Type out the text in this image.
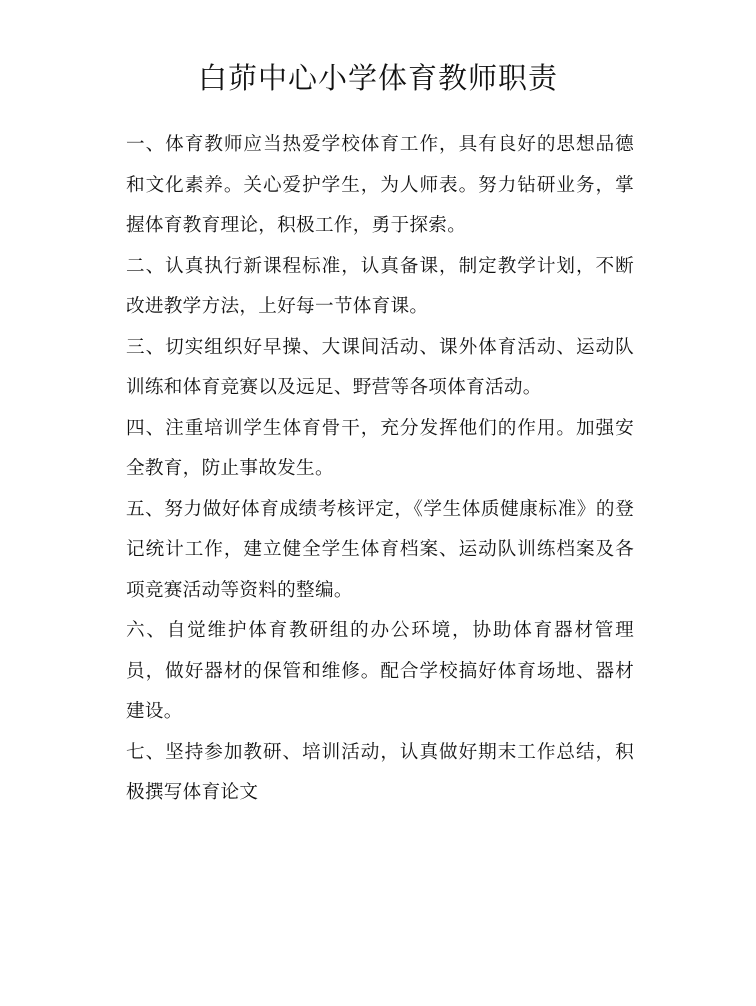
白茆中心小学体育教师职责

一、体育教师应当热爱学校体育工作，具有良好的思想品德和文化素养。关心爱护学生，为人师表。努力钻研业务，掌握体育教育理论，积极工作，勇于探索。

二、认真执行新课程标准，认真备课，制定教学计划，不断改进教学方法，上好每一节体育课。

三、切实组织好早操、大课间活动、课外体育活动、运动队训练和体育竞赛以及远足、野营等各项体育活动。

四、注重培训学生体育骨干，充分发挥他们的作用。加强安全教育，防止事故发生。

五、努力做好体育成绩考核评定，《学生体质健康标准》的登记统计工作，建立健全学生体育档案、运动队训练档案及各项竞赛活动等资料的整编。

六、自觉维护体育教研组的办公环境，协助体育器材管理员，做好器材的保管和维修。配合学校搞好体育场地、器材建设。

七、坚持参加教研、培训活动，认真做好期末工作总结，积极撰写体育论文
